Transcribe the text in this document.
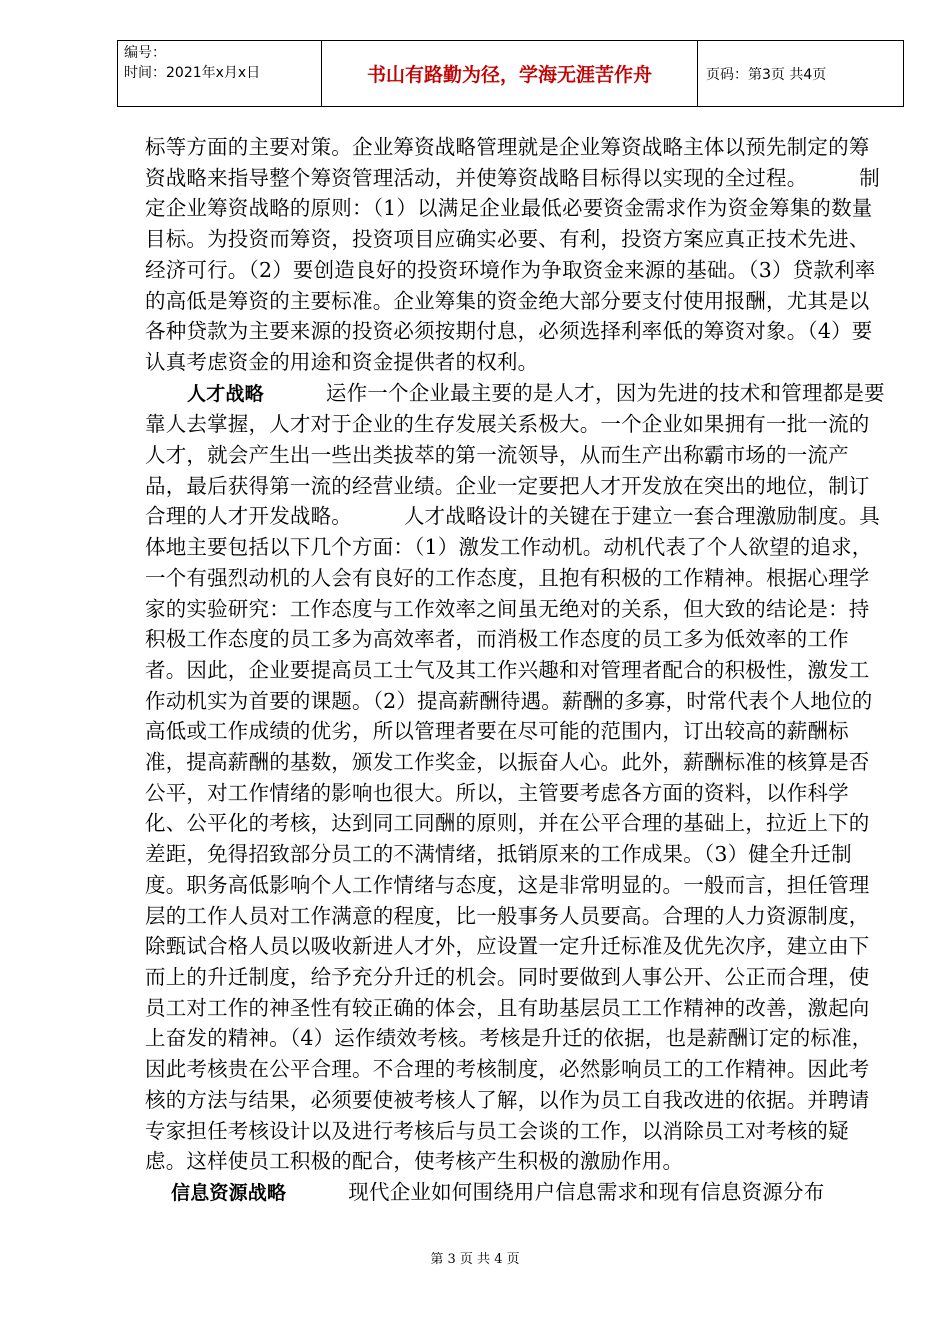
编号：
时间：2021年x月x日	书山有路勤为径，学海无涯苦作舟	页码：第3页 共4页
标等方面的主要对策。企业筹资战略管理就是企业筹资战略主体以预先制定的筹资战略来指导整个筹资管理活动，并使筹资战略目标得以实现的全过程。　　　制定企业筹资战略的原则：（1）以满足企业最低必要资金需求作为资金筹集的数量目标。为投资而筹资，投资项目应确实必要、有利，投资方案应真正技术先进、经济可行。（2）要创造良好的投资环境作为争取资金来源的基础。（3）贷款利率的高低是筹资的主要标准。企业筹集的资金绝大部分要支付使用报酬，尤其是以各种贷款为主要来源的投资必须按期付息，必须选择利率低的筹资对象。（4）要认真考虑资金的用途和资金提供者的权利。
人才战略　　　运作一个企业最主要的是人才，因为先进的技术和管理都是要靠人去掌握，人才对于企业的生存发展关系极大。一个企业如果拥有一批一流的人才，就会产生出一些出类拔萃的第一流领导，从而生产出称霸市场的一流产品，最后获得第一流的经营业绩。企业一定要把人才开发放在突出的地位，制订合理的人才开发战略。　　　人才战略设计的关键在于建立一套合理激励制度。具体地主要包括以下几个方面：（1）激发工作动机。动机代表了个人欲望的追求，一个有强烈动机的人会有良好的工作态度，且抱有积极的工作精神。根据心理学家的实验研究：工作态度与工作效率之间虽无绝对的关系，但大致的结论是：持积极工作态度的员工多为高效率者，而消极工作态度的员工多为低效率的工作者。因此，企业要提高员工士气及其工作兴趣和对管理者配合的积极性，激发工作动机实为首要的课题。（2）提高薪酬待遇。薪酬的多寡，时常代表个人地位的高低或工作成绩的优劣，所以管理者要在尽可能的范围内，订出较高的薪酬标准，提高薪酬的基数，颁发工作奖金，以振奋人心。此外，薪酬标准的核算是否公平，对工作情绪的影响也很大。所以，主管要考虑各方面的资料，以作科学化、公平化的考核，达到同工同酬的原则，并在公平合理的基础上，拉近上下的差距，免得招致部分员工的不满情绪，抵销原来的工作成果。（3）健全升迁制度。职务高低影响个人工作情绪与态度，这是非常明显的。一般而言，担任管理层的工作人员对工作满意的程度，比一般事务人员要高。合理的人力资源制度，除甄试合格人员以吸收新进人才外，应设置一定升迁标准及优先次序，建立由下而上的升迁制度，给予充分升迁的机会。同时要做到人事公开、公正而合理，使员工对工作的神圣性有较正确的体会，且有助基层员工工作精神的改善，激起向上奋发的精神。（4）运作绩效考核。考核是升迁的依据，也是薪酬订定的标准，因此考核贵在公平合理。不合理的考核制度，必然影响员工的工作精神。因此考核的方法与结果，必须要使被考核人了解，以作为员工自我改进的依据。并聘请专家担任考核设计以及进行考核后与员工会谈的工作，以消除员工对考核的疑虑。这样使员工积极的配合，使考核产生积极的激励作用。
信息资源战略　　　现代企业如何围绕用户信息需求和现有信息资源分布
第 3 页 共 4 页
